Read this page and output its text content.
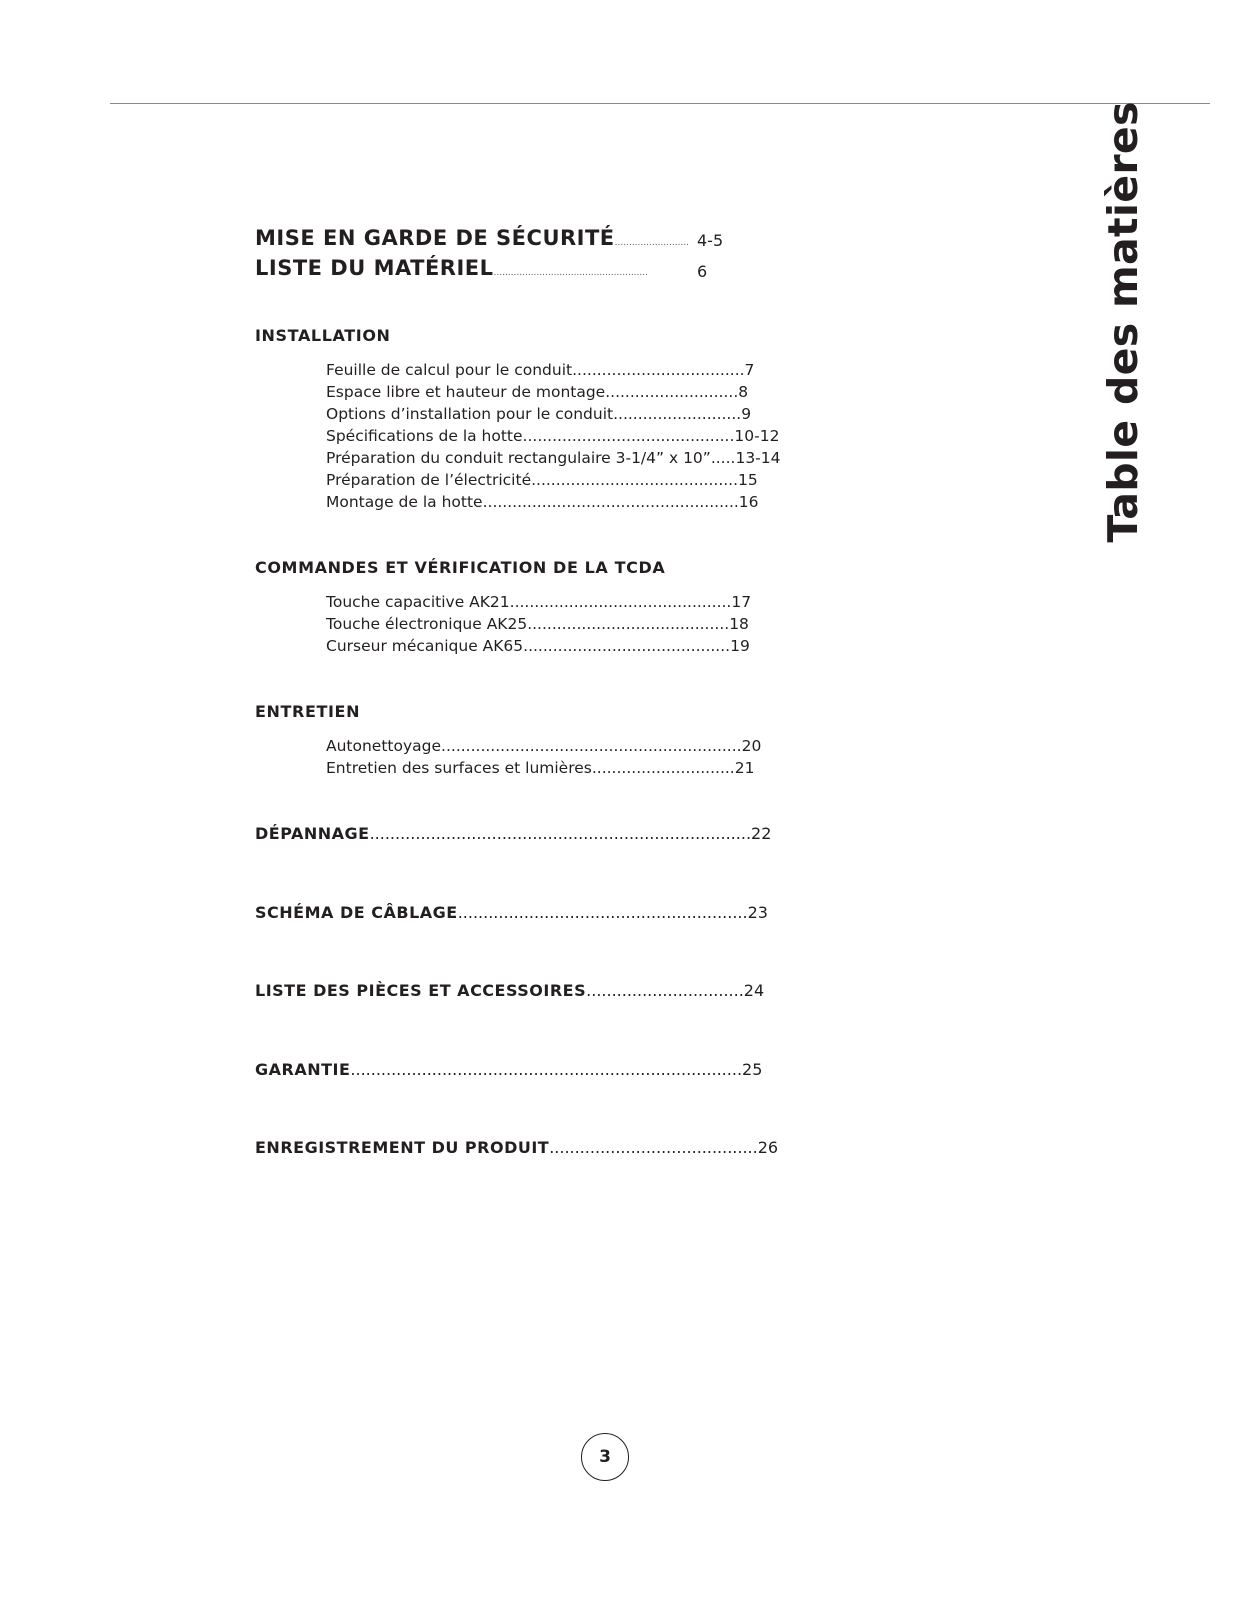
Table des matières
MISE EN GARDE DE SÉCURITÉ.......................... 4-5
LISTE DU MATÉRIEL......................................................	6
INSTALLATION
Feuille de calcul pour le conduit...................................7
Espace libre et hauteur de montage...........................8
Options d’installation pour le conduit..........................9
Spécifications de la hotte...........................................10-12
Préparation du conduit rectangulaire 3-1/4” x 10”.....13-14
Préparation de l’électricité..........................................15
Montage de la hotte....................................................16
COMMANDES ET VÉRIFICATION DE LA TCDA
Touche capacitive AK21.............................................17
Touche électronique AK25.........................................18
Curseur mécanique AK65..........................................19
ENTRETIEN
Autonettoyage.............................................................20
Entretien des surfaces et lumières.............................21
DÉPANNAGE...........................................................................22
SCHÉMA DE CÂBLAGE.........................................................23
LISTE DES PIÈCES ET ACCESSOIRES...............................24
GARANTIE.............................................................................25
ENREGISTREMENT DU PRODUIT.........................................26
3
